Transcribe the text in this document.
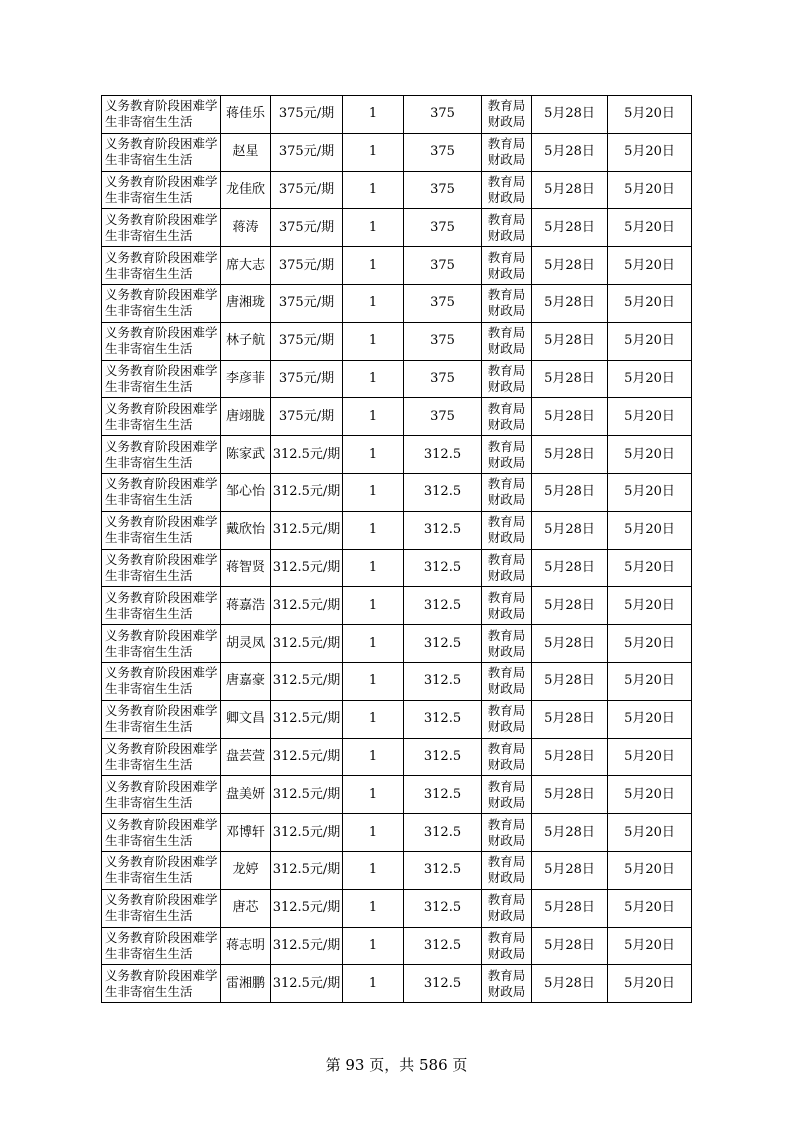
义务教育阶段困难学生非寄宿生生活	蒋佳乐	375元/期	1	375	教育局财政局	5月28日	5月20日
义务教育阶段困难学生非寄宿生生活	赵星	375元/期	1	375	教育局财政局	5月28日	5月20日
义务教育阶段困难学生非寄宿生生活	龙佳欣	375元/期	1	375	教育局财政局	5月28日	5月20日
义务教育阶段困难学生非寄宿生生活	蒋涛	375元/期	1	375	教育局财政局	5月28日	5月20日
义务教育阶段困难学生非寄宿生生活	席大志	375元/期	1	375	教育局财政局	5月28日	5月20日
义务教育阶段困难学生非寄宿生生活	唐湘珑	375元/期	1	375	教育局财政局	5月28日	5月20日
义务教育阶段困难学生非寄宿生生活	林子航	375元/期	1	375	教育局财政局	5月28日	5月20日
义务教育阶段困难学生非寄宿生生活	李彦菲	375元/期	1	375	教育局财政局	5月28日	5月20日
义务教育阶段困难学生非寄宿生生活	唐翊胧	375元/期	1	375	教育局财政局	5月28日	5月20日
义务教育阶段困难学生非寄宿生生活	陈家武	312.5元/期	1	312.5	教育局财政局	5月28日	5月20日
义务教育阶段困难学生非寄宿生生活	邹心怡	312.5元/期	1	312.5	教育局财政局	5月28日	5月20日
义务教育阶段困难学生非寄宿生生活	戴欣怡	312.5元/期	1	312.5	教育局财政局	5月28日	5月20日
义务教育阶段困难学生非寄宿生生活	蒋智贤	312.5元/期	1	312.5	教育局财政局	5月28日	5月20日
义务教育阶段困难学生非寄宿生生活	蒋嘉浩	312.5元/期	1	312.5	教育局财政局	5月28日	5月20日
义务教育阶段困难学生非寄宿生生活	胡灵凤	312.5元/期	1	312.5	教育局财政局	5月28日	5月20日
义务教育阶段困难学生非寄宿生生活	唐嘉豪	312.5元/期	1	312.5	教育局财政局	5月28日	5月20日
义务教育阶段困难学生非寄宿生生活	卿文昌	312.5元/期	1	312.5	教育局财政局	5月28日	5月20日
义务教育阶段困难学生非寄宿生生活	盘芸萱	312.5元/期	1	312.5	教育局财政局	5月28日	5月20日
义务教育阶段困难学生非寄宿生生活	盘美妍	312.5元/期	1	312.5	教育局财政局	5月28日	5月20日
义务教育阶段困难学生非寄宿生生活	邓博轩	312.5元/期	1	312.5	教育局财政局	5月28日	5月20日
义务教育阶段困难学生非寄宿生生活	龙婷	312.5元/期	1	312.5	教育局财政局	5月28日	5月20日
义务教育阶段困难学生非寄宿生生活	唐芯	312.5元/期	1	312.5	教育局财政局	5月28日	5月20日
义务教育阶段困难学生非寄宿生生活	蒋志明	312.5元/期	1	312.5	教育局财政局	5月28日	5月20日
义务教育阶段困难学生非寄宿生生活	雷湘鹏	312.5元/期	1	312.5	教育局财政局	5月28日	5月20日
第 93 页，共 586 页
